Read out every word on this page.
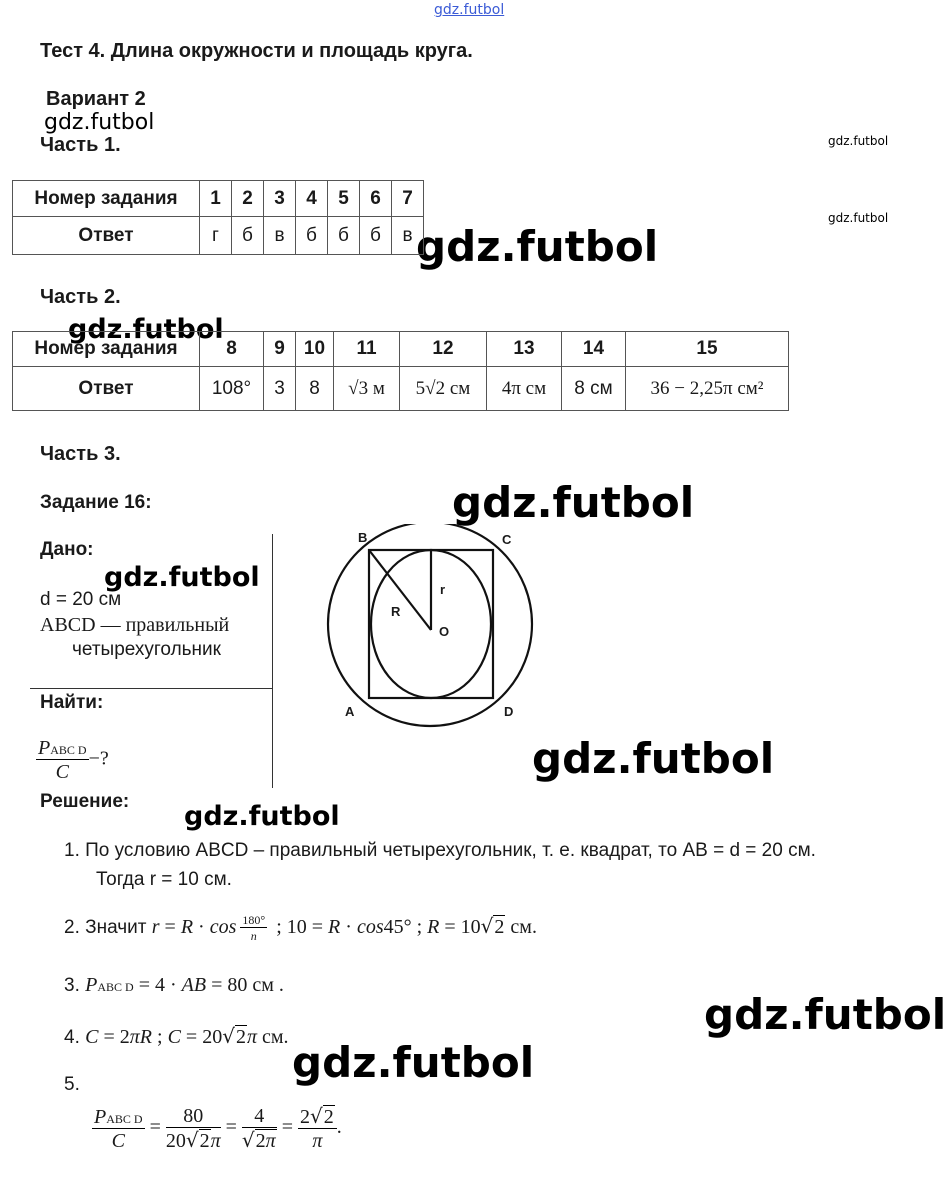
gdz.futbol
gdz.futbol
gdz.futbol
gdz.futbol
gdz.futbol
gdz.futbol
gdz.futbol
gdz.futbol
gdz.futbol
gdz.futbol
gdz.futbol
gdz.futbol
Тест 4. Длина окружности и площадь круга.
Вариант 2
Часть 1.
Номер задания	1	2	3	4	5	6	7
Ответ	г	б	в	б	б	б	в
Часть 2.
Номер задания	8	9	10	11	12	13	14	15
Ответ	108°	3	8	√3 м	5√2 см	4π см	8 см	36 − 2,25π см²
Часть 3.
Задание 16:
Дано:
d = 20 см
ABCD — правильный
четырехугольник
Найти:
$\frac{\text{PABC D}}{C}$ −?
Решение:
B	C
A	D
O
R
r
1. По условию ABCD – правильный четырехугольник, т. е. квадрат, то AB = d = 20 см.
Тогда r = 10 см.
2. Значит $r = R \cdot \cos \frac{180^\circ}{n}$ ; 10 = R · cos45° ; R = 10√2 см.
3. PABC D = 4 · AB = 80 см .
4. C = 2πR ; C = 20√2π см.
5.
$\frac{\text{PABC D}}{C} = \frac{80}{20√2\pi} = \frac{4}{√2\pi} = \frac{2√2}{\pi}$ .
